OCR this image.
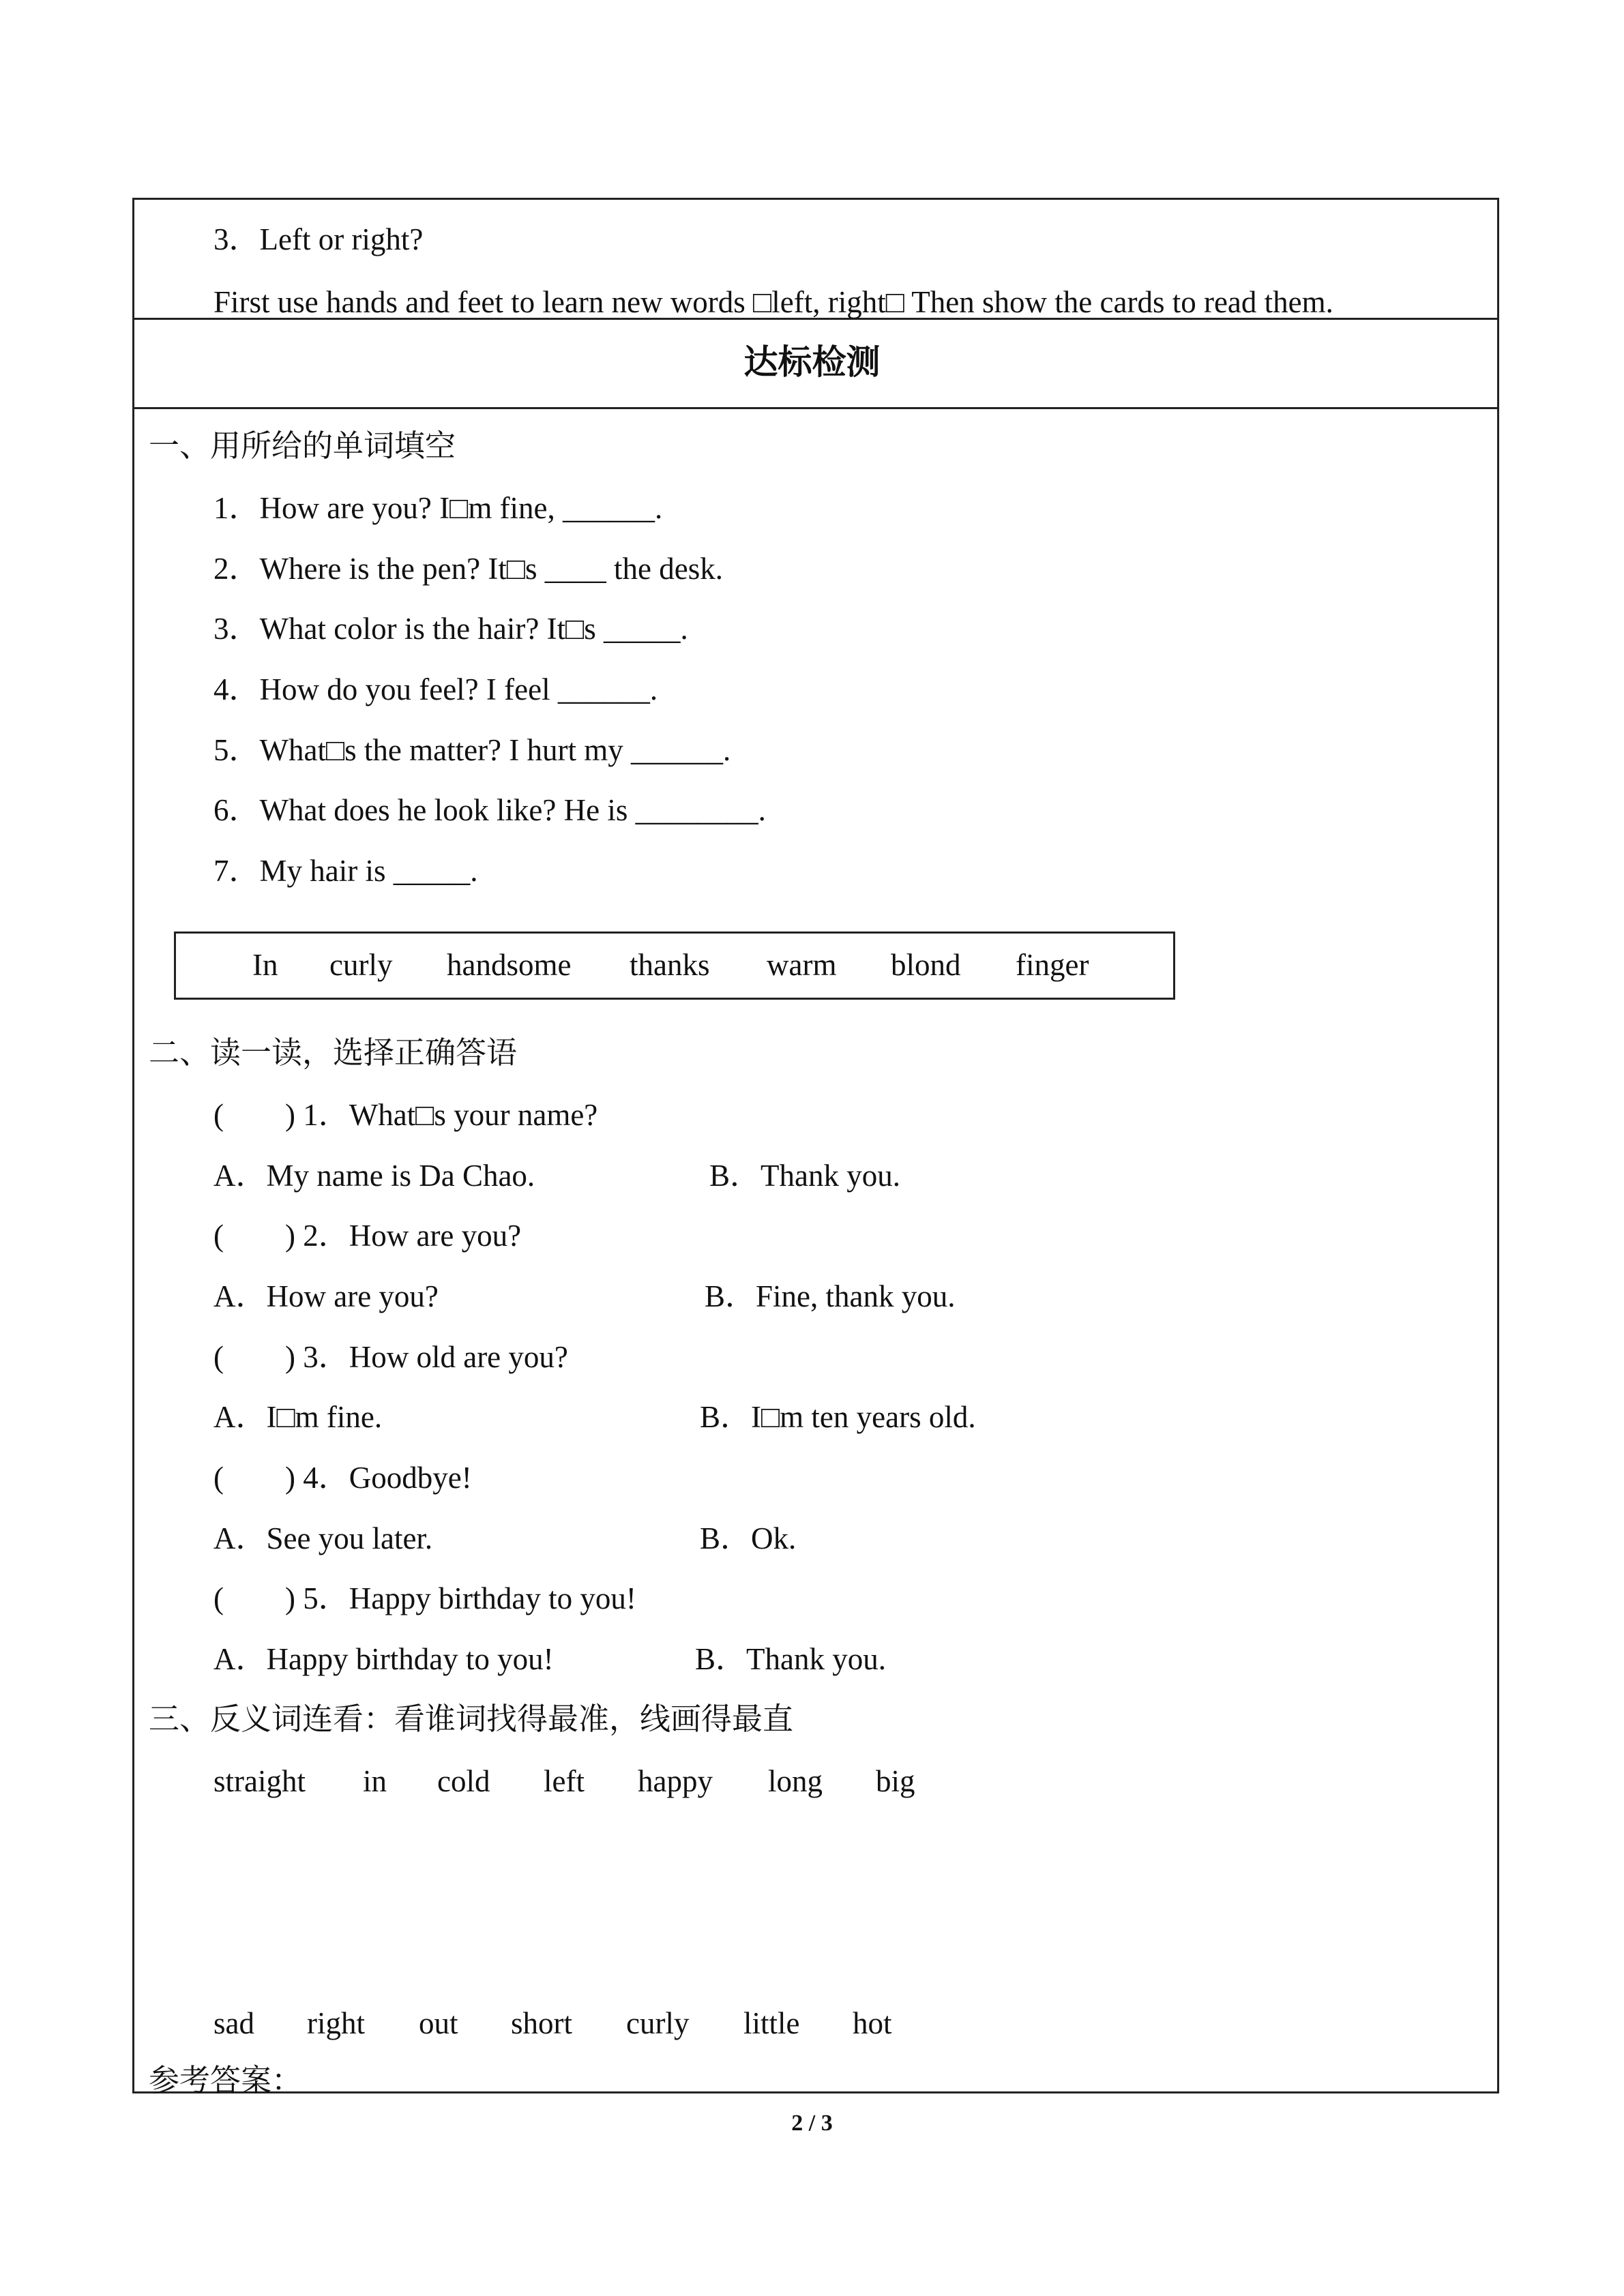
3．Left or right?
First use hands and feet to learn new words □left, right□ Then show the cards to read them.
达标检测
一、用所给的单词填空
1．How are you? I□m fine, ______.
2．Where is the pen? It□s ____ the desk.
3．What color is the hair? It□s _____.
4．How do you feel? I feel ______.
5．What□s the matter? I hurt my ______.
6．What does he look like? He is ________.
7．My hair is _____.
In curly handsome thanks warm blond finger
二、读一读，选择正确答语
(        ) 1．What□s your name?
A．My name is Da Chao.	B．Thank you.
(        ) 2．How are you?
A．How are you?	B．Fine, thank you.
(        ) 3．How old are you?
A．I□m fine.	B．I□m ten years old.
(        ) 4．Goodbye!
A．See you later.	B．Ok.
(        ) 5．Happy birthday to you!
A．Happy birthday to you!	B．Thank you.
三、反义词连看：看谁词找得最准，线画得最直
straight in cold left happy long big
sad right out short curly little hot
参考答案：
2 / 3
